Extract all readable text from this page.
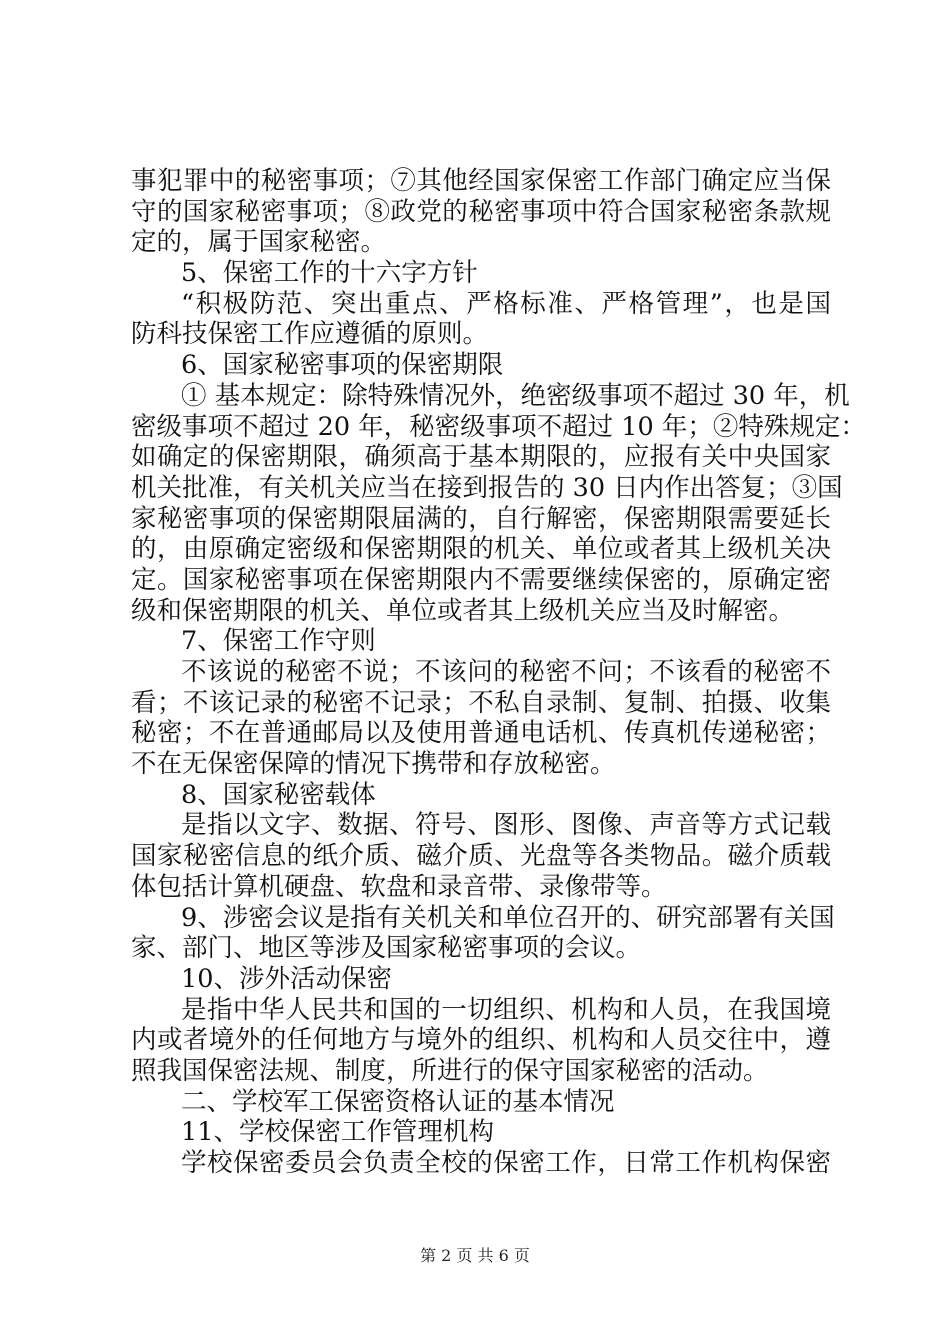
事犯罪中的秘密事项；⑦其他经国家保密工作部门确定应当保
守的国家秘密事项；⑧政党的秘密事项中符合国家秘密条款规
定的，属于国家秘密。
5、保密工作的十六字方针
“积极防范、突出重点、严格标准、严格管理”，也是国
防科技保密工作应遵循的原则。
6、国家秘密事项的保密期限
① 基本规定：除特殊情况外，绝密级事项不超过 30 年，机
密级事项不超过 20 年，秘密级事项不超过 10 年；②特殊规定：
如确定的保密期限，确须高于基本期限的，应报有关中央国家
机关批准，有关机关应当在接到报告的 30 日内作出答复；③国
家秘密事项的保密期限届满的，自行解密，保密期限需要延长
的，由原确定密级和保密期限的机关、单位或者其上级机关决
定。国家秘密事项在保密期限内不需要继续保密的，原确定密
级和保密期限的机关、单位或者其上级机关应当及时解密。
7、保密工作守则
不该说的秘密不说；不该问的秘密不问；不该看的秘密不
看；不该记录的秘密不记录；不私自录制、复制、拍摄、收集
秘密；不在普通邮局以及使用普通电话机、传真机传递秘密；
不在无保密保障的情况下携带和存放秘密。
8、国家秘密载体
是指以文字、数据、符号、图形、图像、声音等方式记载
国家秘密信息的纸介质、磁介质、光盘等各类物品。磁介质载
体包括计算机硬盘、软盘和录音带、录像带等。
9、涉密会议是指有关机关和单位召开的、研究部署有关国
家、部门、地区等涉及国家秘密事项的会议。
10、涉外活动保密
是指中华人民共和国的一切组织、机构和人员，在我国境
内或者境外的任何地方与境外的组织、机构和人员交往中，遵
照我国保密法规、制度，所进行的保守国家秘密的活动。
二、学校军工保密资格认证的基本情况
11、学校保密工作管理机构
学校保密委员会负责全校的保密工作，日常工作机构保密
第 2 页 共 6 页
